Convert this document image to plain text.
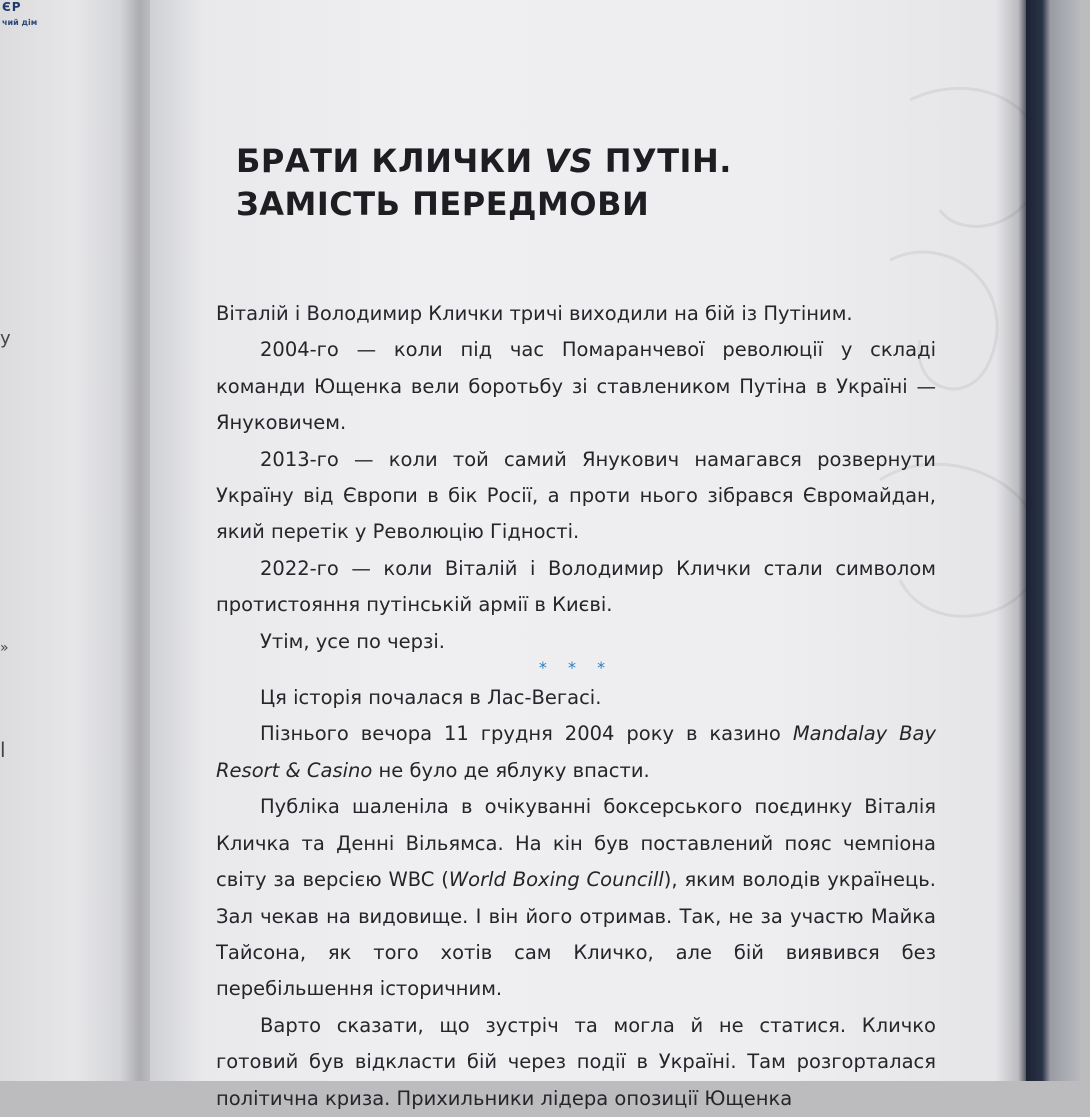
ЄР
чий дім
у
»
l
БРАТИ КЛИЧКИ VS ПУТІН.
ЗАМІСТЬ ПЕРЕДМОВИ

Віталій і Володимир Клички тричі виходили на бій із Путіним.

2004-го — коли під час Помаранчевої революції у складі команди Ющенка вели боротьбу зі ставлеником Путіна в Україні — Януковичем.

2013-го — коли той самий Янукович намагався розвернути Україну від Європи в бік Росії, а проти нього зібрався Євромайдан, який перетік у Революцію Гідності.

2022-го — коли Віталій і Володимир Клички стали символом протистояння путінській армії в Києві.

Утім, усе по черзі.

* * *

Ця історія почалася в Лас-Вегасі.

Пізнього вечора 11 грудня 2004 року в казино Mandalay Bay Resort & Casino не було де яблуку впасти.

Публіка шаленіла в очікуванні боксерського поєдинку Віталія Кличка та Денні Вільямса. На кін був поставлений пояс чемпіона світу за версією WBC (World Boxing Councill), яким володів українець. Зал чекав на видовище. І він його отримав. Так, не за участю Майка Тайсона, як того хотів сам Кличко, але бій виявився без перебільшення історичним.

Варто сказати, що зустріч та могла й не статися. Кличко готовий був відкласти бій через події в Україні. Там розгорталася політична криза. Прихильники лідера опозиції Ющенка
